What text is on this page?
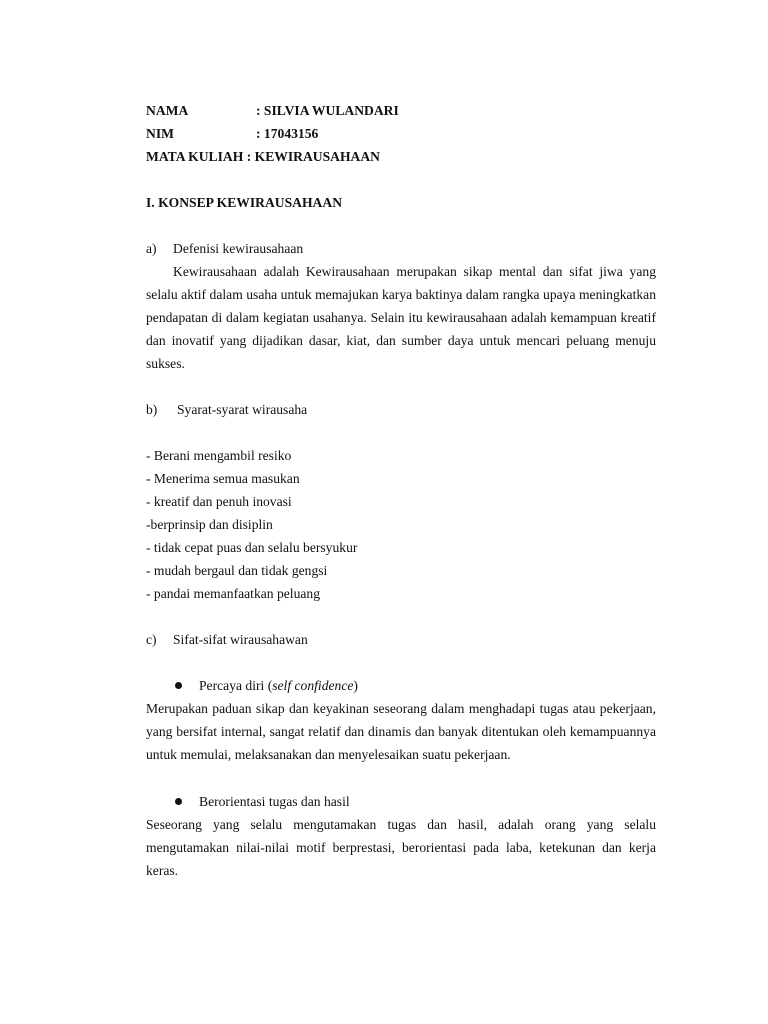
NAMA	: SILVIA WULANDARI
NIM	: 17043156
MATA KULIAH : KEWIRAUSAHAAN
I. KONSEP KEWIRAUSAHAAN
a) Defenisi kewirausahaan
Kewirausahaan adalah Kewirausahaan merupakan sikap mental dan sifat jiwa yang selalu aktif dalam usaha untuk memajukan karya baktinya dalam rangka upaya meningkatkan pendapatan di dalam kegiatan usahanya. Selain itu kewirausahaan adalah kemampuan kreatif dan inovatif yang dijadikan dasar, kiat, dan sumber daya untuk mencari peluang menuju sukses.
b) Syarat-syarat wirausaha
- Berani mengambil resiko
- Menerima semua masukan
- kreatif dan penuh inovasi
-berprinsip dan disiplin
- tidak cepat puas dan selalu bersyukur
- mudah bergaul dan tidak gengsi
- pandai memanfaatkan peluang
c) Sifat-sifat wirausahawan
Percaya diri (self confidence)
Merupakan paduan sikap dan keyakinan seseorang dalam menghadapi tugas atau pekerjaan, yang bersifat internal, sangat relatif dan dinamis dan banyak ditentukan oleh kemampuannya untuk memulai, melaksanakan dan menyelesaikan suatu pekerjaan.
Berorientasi tugas dan hasil
Seseorang yang selalu mengutamakan tugas dan hasil, adalah orang yang selalu mengutamakan nilai-nilai motif berprestasi, berorientasi pada laba, ketekunan dan kerja keras.
